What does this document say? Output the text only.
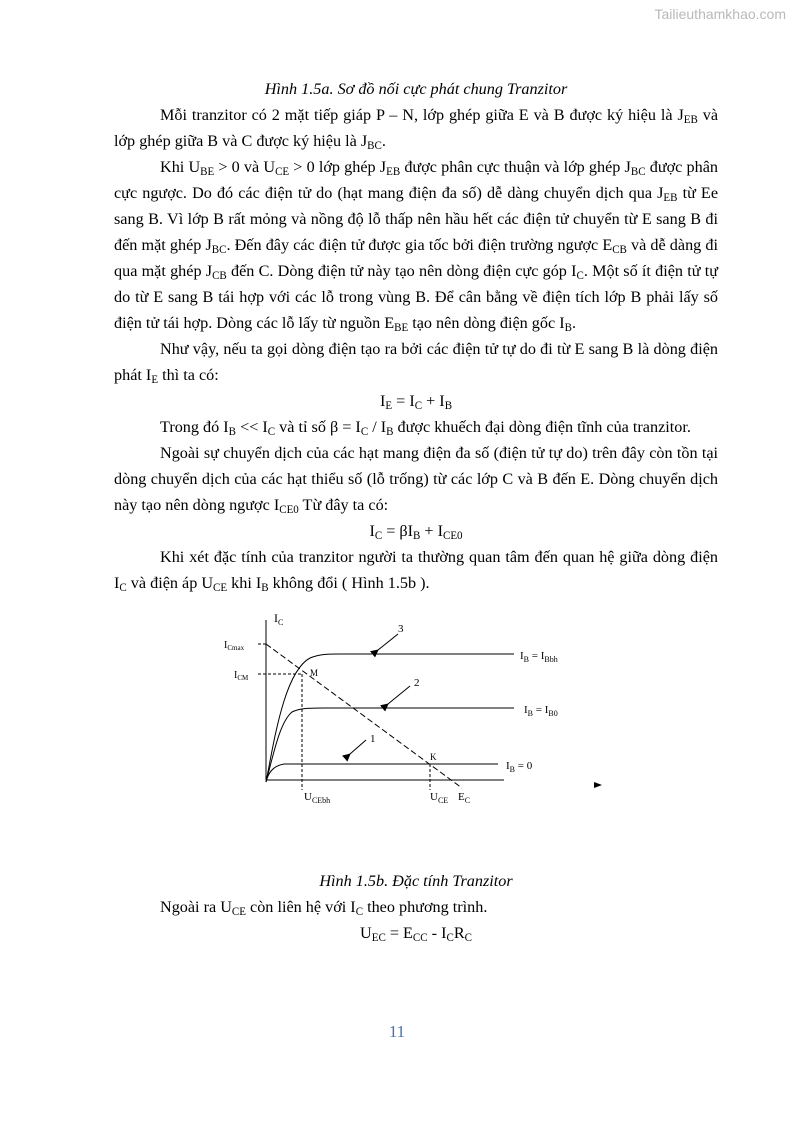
Tailieuthamkhao.com
Hình 1.5a. Sơ đồ nối cực phát chung Tranzitor

Mỗi tranzitor có 2 mặt tiếp giáp P – N, lớp ghép giữa E và B được ký hiệu là $J_{EB}$ và lớp ghép giữa B và C được ký hiệu là $J_{BC}$.

Khi $U_{BE} > 0$ và $U_{CE} > 0$ lớp ghép $J_{EB}$ được phân cực thuận và lớp ghép $J_{BC}$ được phân cực ngược. Do đó các điện tử do (hạt mang điện đa số) dễ dàng chuyển dịch qua $J_{EB}$ từ Ee sang B. Vì lớp B rất mỏng và nồng độ lỗ thấp nên hầu hết các điện tử chuyển từ E sang B đi đến mặt ghép $J_{BC}$. Đến đây các điện tử được gia tốc bởi điện trường ngược $E_{CB}$ và dễ dàng đi qua mặt ghép $J_{CB}$ đến C. Dòng điện tử này tạo nên dòng điện cực góp $I_C$. Một số ít điện tử tự do từ E sang B tái hợp với các lỗ trong vùng B. Để cân bằng về điện tích lớp B phải lấy số điện tử tái hợp. Dòng các lỗ lấy từ nguồn $E_{BE}$ tạo nên dòng điện gốc $I_B$.

Như vậy, nếu ta gọi dòng điện tạo ra bởi các điện tử tự do đi từ E sang B là dòng điện phát $I_E$ thì ta có:

$I_E = I_C + I_B$

Trong đó $I_B << I_C$ và tỉ số $\beta = I_C / I_B$ được khuếch đại dòng điện tĩnh của tranzitor.

Ngoài sự chuyển dịch của các hạt mang điện đa số (điện tử tự do) trên đây còn tồn tại dòng chuyển dịch của các hạt thiểu số (lỗ trống) từ các lớp C và B đến E. Dòng chuyển dịch này tạo nên dòng ngược $I_{CE0}$ Từ đây ta có:

$I_C = \beta I_B + I_{CE0}$

Khi xét đặc tính của tranzitor người ta thường quan tâm đến quan hệ giữa dòng điện $I_C$ và điện áp $U_{CE}$ khi $I_B$ không đổi ( Hình 1.5b ).

$I_C$
$I_{Cmax}$
$I_{CM}$	M
K
3
2
1
$I_B = I_{Bbh}$
$I_B = I_{B0}$
$I_B = 0$
$U_{CEbh}$	$U_{CE}$ $E_C$
Hình 1.5b. Đặc tính Tranzitor

Ngoài ra $U_{CE}$ còn liên hệ với $I_C$ theo phương trình.

$U_{EC} = E_{CC} - I_CR_C$

11
